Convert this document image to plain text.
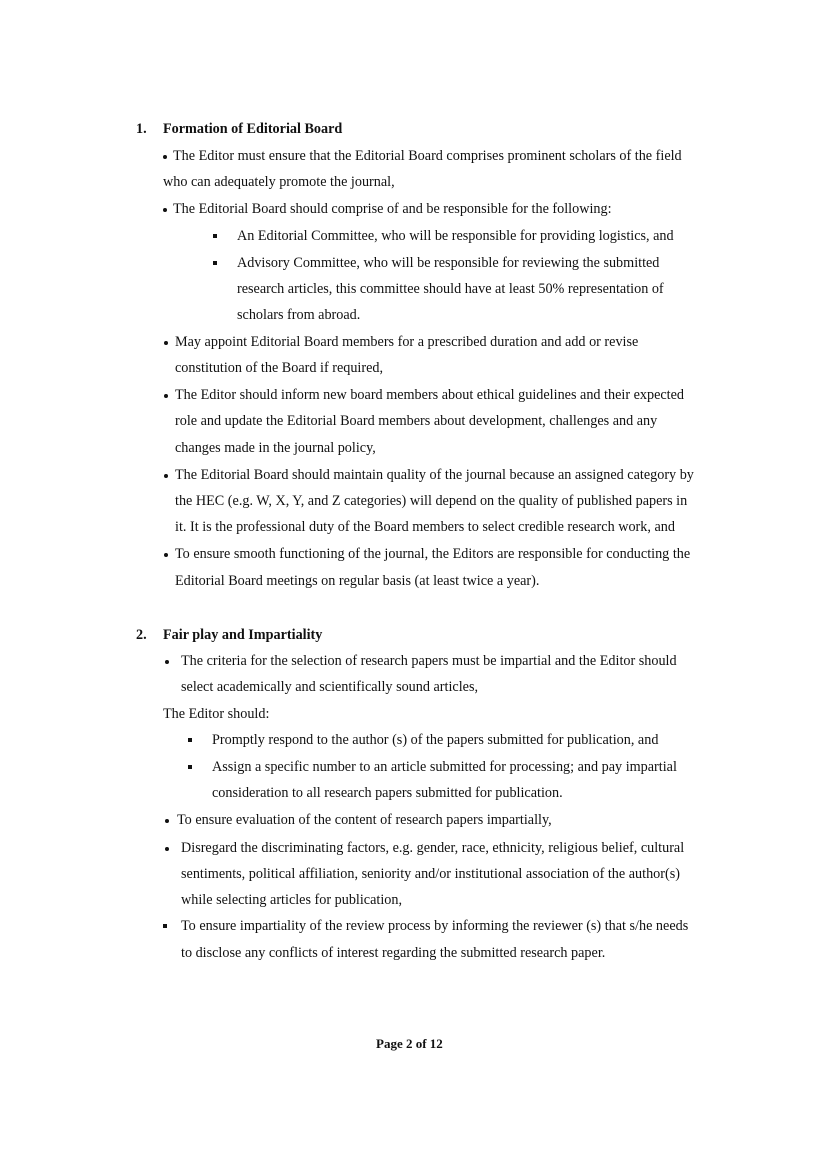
1. Formation of Editorial Board
The Editor must ensure that the Editorial Board comprises prominent scholars of the field
who can adequately promote the journal,
The Editorial Board should comprise of and be responsible for the following:
An Editorial Committee, who will be responsible for providing logistics, and
Advisory Committee, who will be responsible for reviewing the submitted
research articles, this committee should have at least 50% representation of
scholars from abroad.
May appoint Editorial Board members for a prescribed duration and add or revise
constitution of the Board if required,
The Editor should inform new board members about ethical guidelines and their expected
role and update the Editorial Board members about development, challenges and any
changes made in the journal policy,
The Editorial Board should maintain quality of the journal because an assigned category by
the HEC (e.g. W, X, Y, and Z categories) will depend on the quality of published papers in
it. It is the professional duty of the Board members to select credible research work, and
To ensure smooth functioning of the journal, the Editors are responsible for conducting the
Editorial Board meetings on regular basis (at least twice a year).
2. Fair play and Impartiality
The criteria for the selection of research papers must be impartial and the Editor should
select academically and scientifically sound articles,
The Editor should:
Promptly respond to the author (s) of the papers submitted for publication, and
Assign a specific number to an article submitted for processing; and pay impartial
consideration to all research papers submitted for publication.
To ensure evaluation of the content of research papers impartially,
Disregard the discriminating factors, e.g. gender, race, ethnicity, religious belief, cultural
sentiments, political affiliation, seniority and/or institutional association of the author(s)
while selecting articles for publication,
To ensure impartiality of the review process by informing the reviewer (s) that s/he needs
to disclose any conflicts of interest regarding the submitted research paper.
Page 2 of 12
